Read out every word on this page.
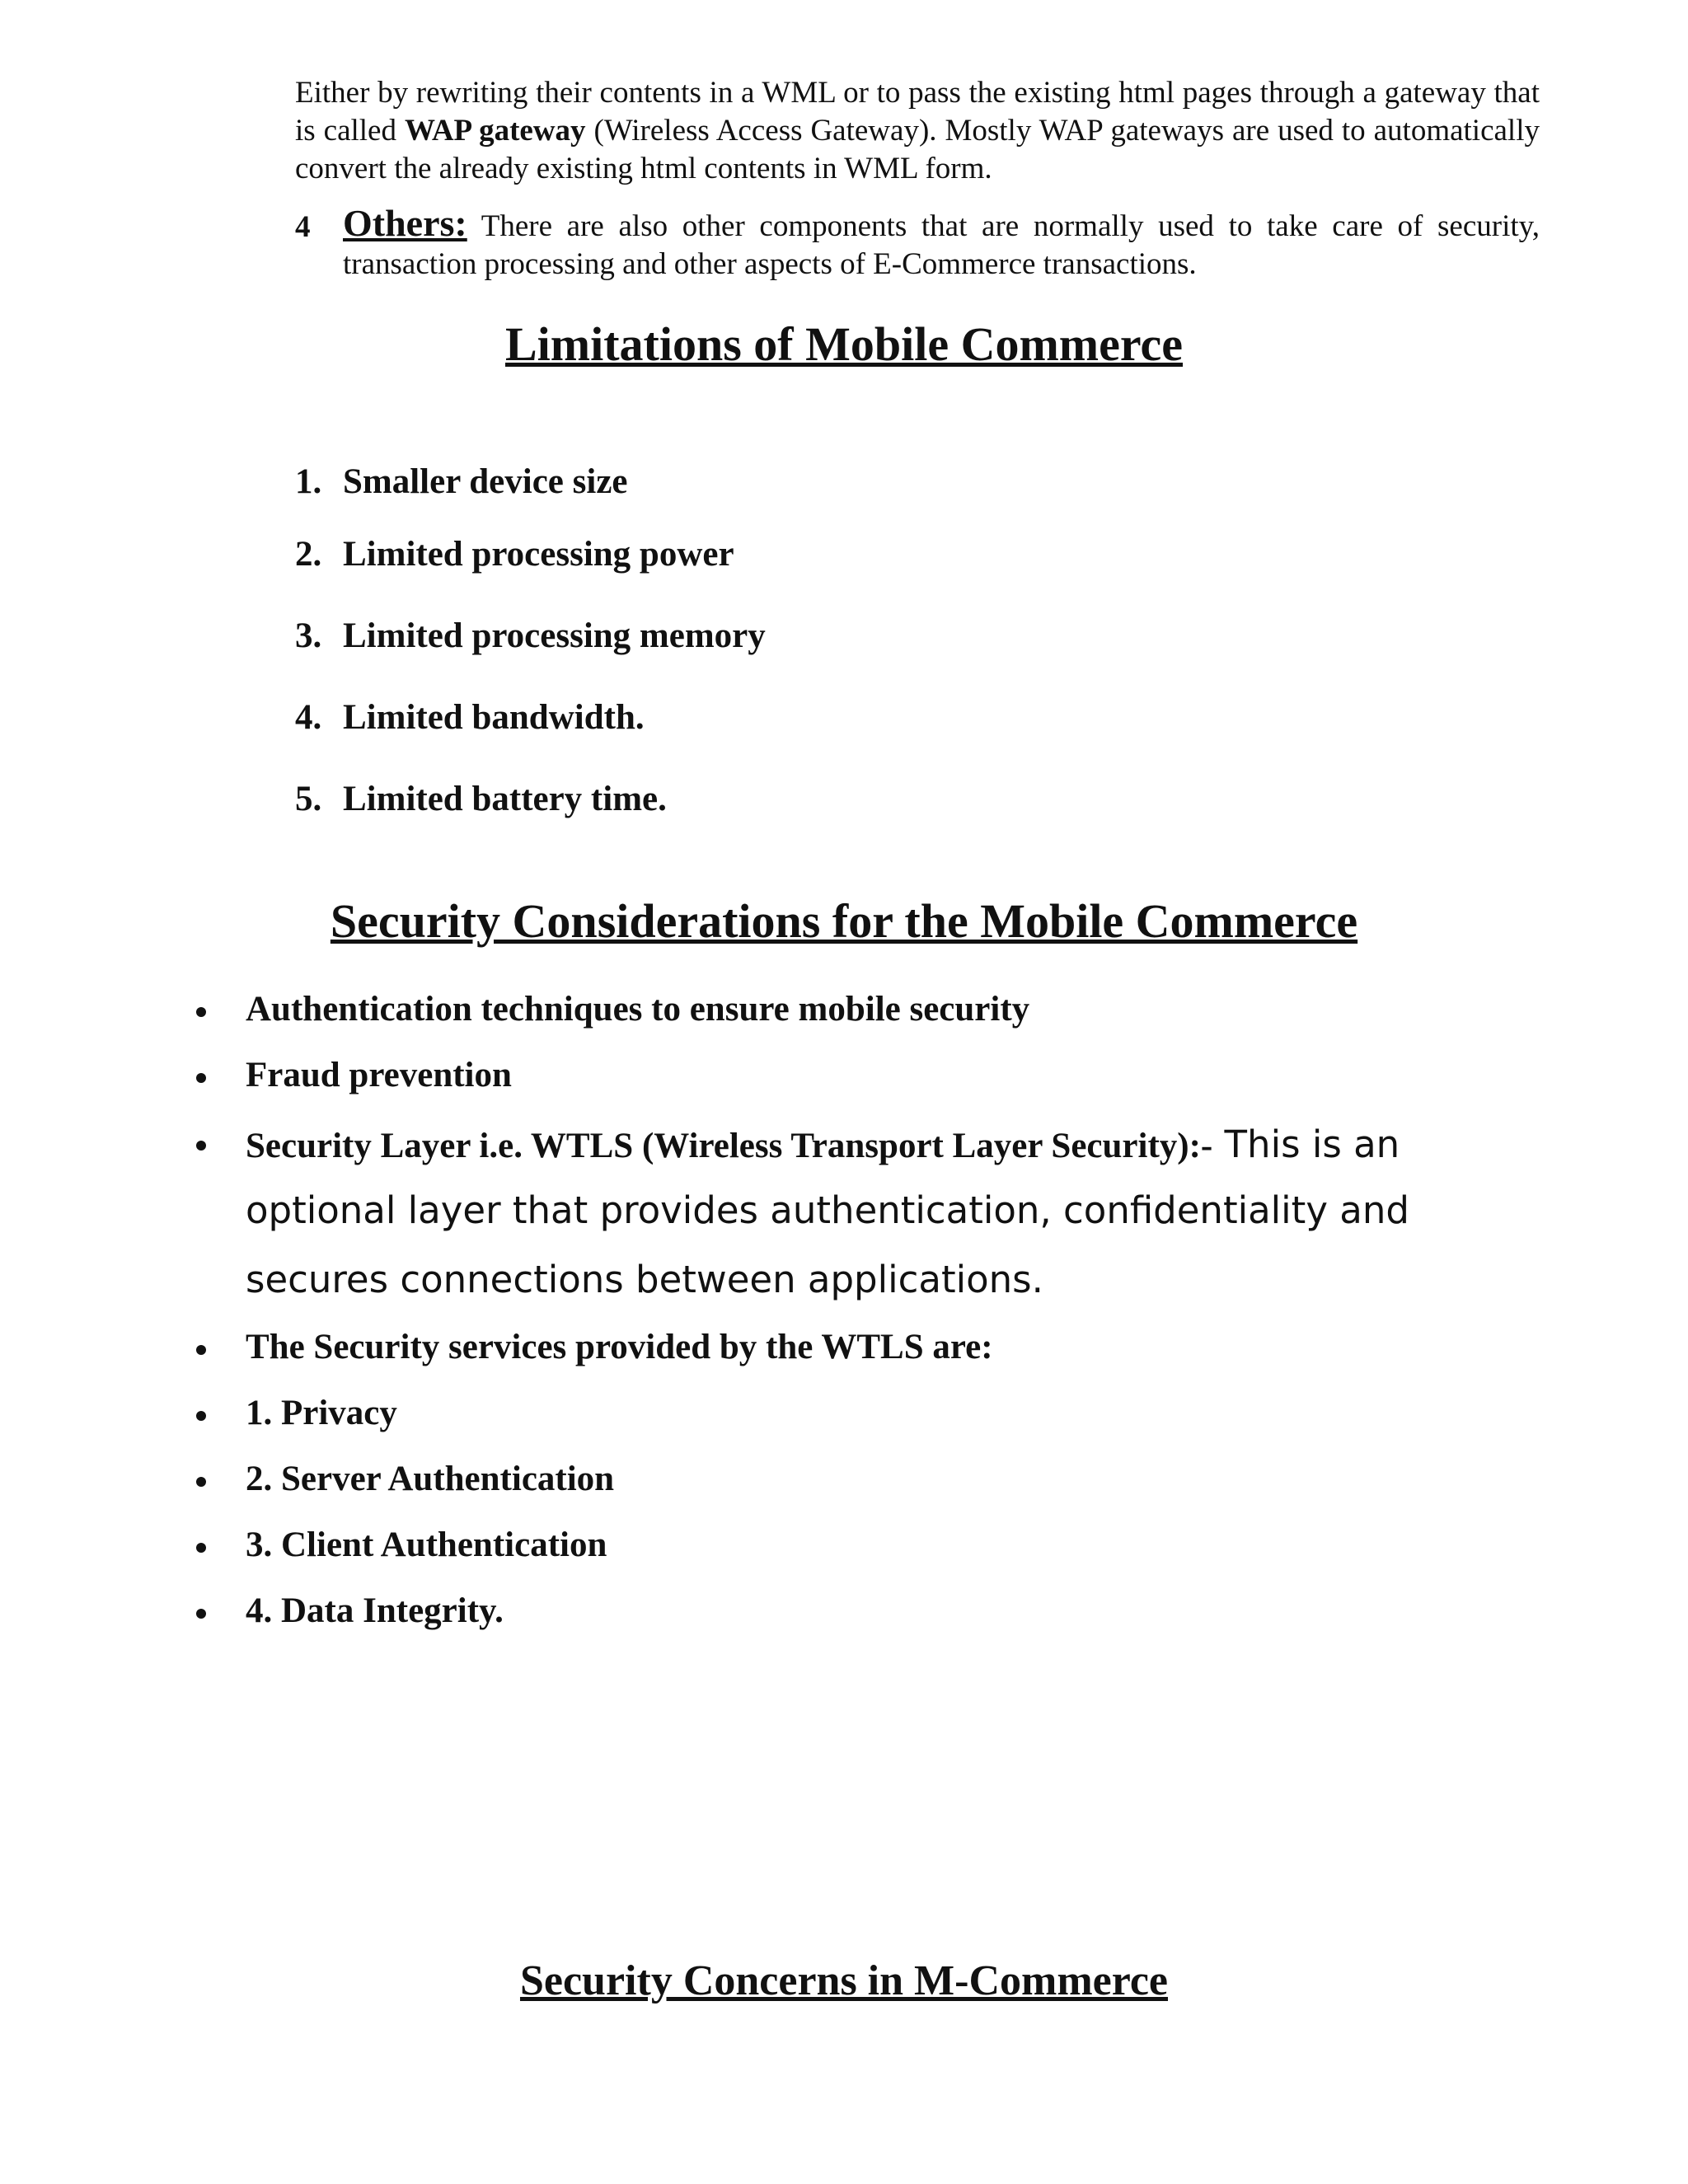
Either by rewriting their contents in a WML or to pass the existing html pages through a gateway that is called WAP gateway (Wireless Access Gateway). Mostly WAP gateways are used to automatically convert the already existing html contents in WML form.
4 Others: There are also other components that are normally used to take care of security, transaction processing and other aspects of E-Commerce transactions.
Limitations of Mobile Commerce
1. Smaller device size
2. Limited processing power
3. Limited processing memory
4. Limited bandwidth.
5. Limited battery time.
Security Considerations for the Mobile Commerce
Authentication techniques to ensure mobile security
Fraud prevention
Security Layer i.e. WTLS (Wireless Transport Layer Security):- This is an
optional layer that provides authentication, confidentiality and
secures connections between applications.
The Security services provided by the WTLS are:
1. Privacy
2. Server Authentication
3. Client Authentication
4. Data Integrity.
Security Concerns in M-Commerce
